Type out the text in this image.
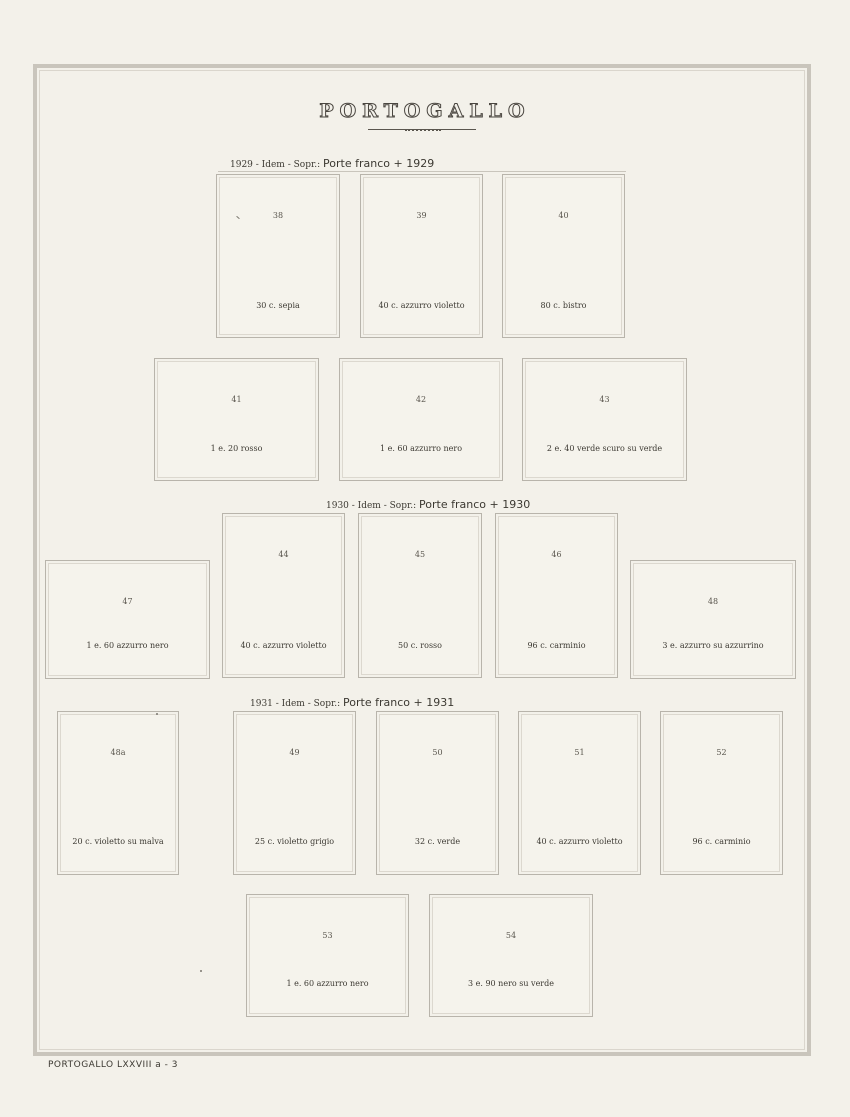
PORTOGALLO
1929 - Idem - Sopr.: Porte franco + 1929
38
30 c. sepia
39
40 c. azzurro violetto
40
80 c. bistro
41
1 e. 20 rosso
42
1 e. 60 azzurro nero
43
2 e. 40 verde scuro su verde
1930 - Idem - Sopr.: Porte franco + 1930
44
40 c. azzurro violetto
45
50 c. rosso
46
96 c. carminio
47
1 e. 60 azzurro nero
48
3 e. azzurro su azzurrino
1931 - Idem - Sopr.: Porte franco + 1931
48a
20 c. violetto su malva
49
25 c. violetto grigio
50
32 c. verde
51
40 c. azzurro violetto
52
96 c. carminio
53
1 e. 60 azzurro nero
54
3 e. 90 nero su verde
PORTOGALLO LXXVIII a - 3
